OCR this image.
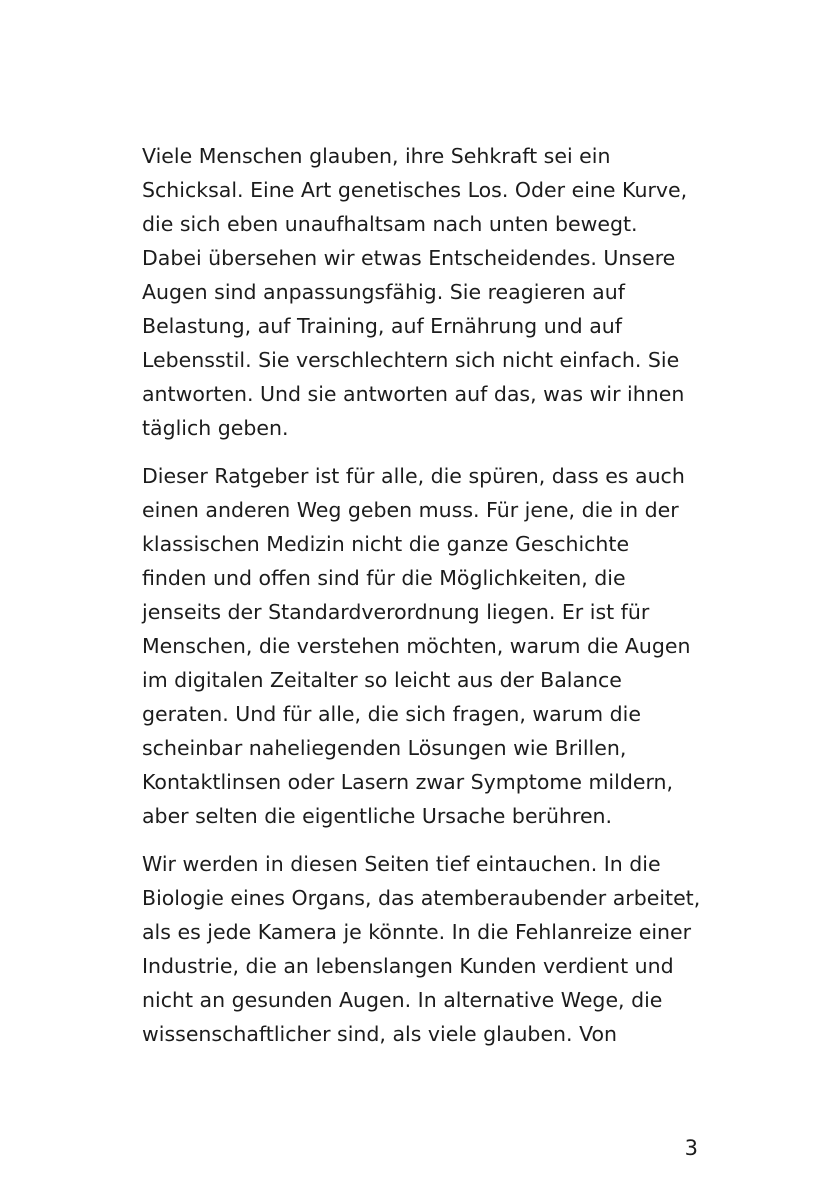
Viele Menschen glauben, ihre Sehkraft sei ein
Schicksal. Eine Art genetisches Los. Oder eine Kurve,
die sich eben unaufhaltsam nach unten bewegt.
Dabei übersehen wir etwas Entscheidendes. Unsere
Augen sind anpassungsfähig. Sie reagieren auf
Belastung, auf Training, auf Ernährung und auf
Lebensstil. Sie verschlechtern sich nicht einfach. Sie
antworten. Und sie antworten auf das, was wir ihnen
täglich geben.

Dieser Ratgeber ist für alle, die spüren, dass es auch
einen anderen Weg geben muss. Für jene, die in der
klassischen Medizin nicht die ganze Geschichte
finden und offen sind für die Möglichkeiten, die
jenseits der Standardverordnung liegen. Er ist für
Menschen, die verstehen möchten, warum die Augen
im digitalen Zeitalter so leicht aus der Balance
geraten. Und für alle, die sich fragen, warum die
scheinbar naheliegenden Lösungen wie Brillen,
Kontaktlinsen oder Lasern zwar Symptome mildern,
aber selten die eigentliche Ursache berühren.

Wir werden in diesen Seiten tief eintauchen. In die
Biologie eines Organs, das atemberaubender arbeitet,
als es jede Kamera je könnte. In die Fehlanreize einer
Industrie, die an lebenslangen Kunden verdient und
nicht an gesunden Augen. In alternative Wege, die
wissenschaftlicher sind, als viele glauben. Von

3
